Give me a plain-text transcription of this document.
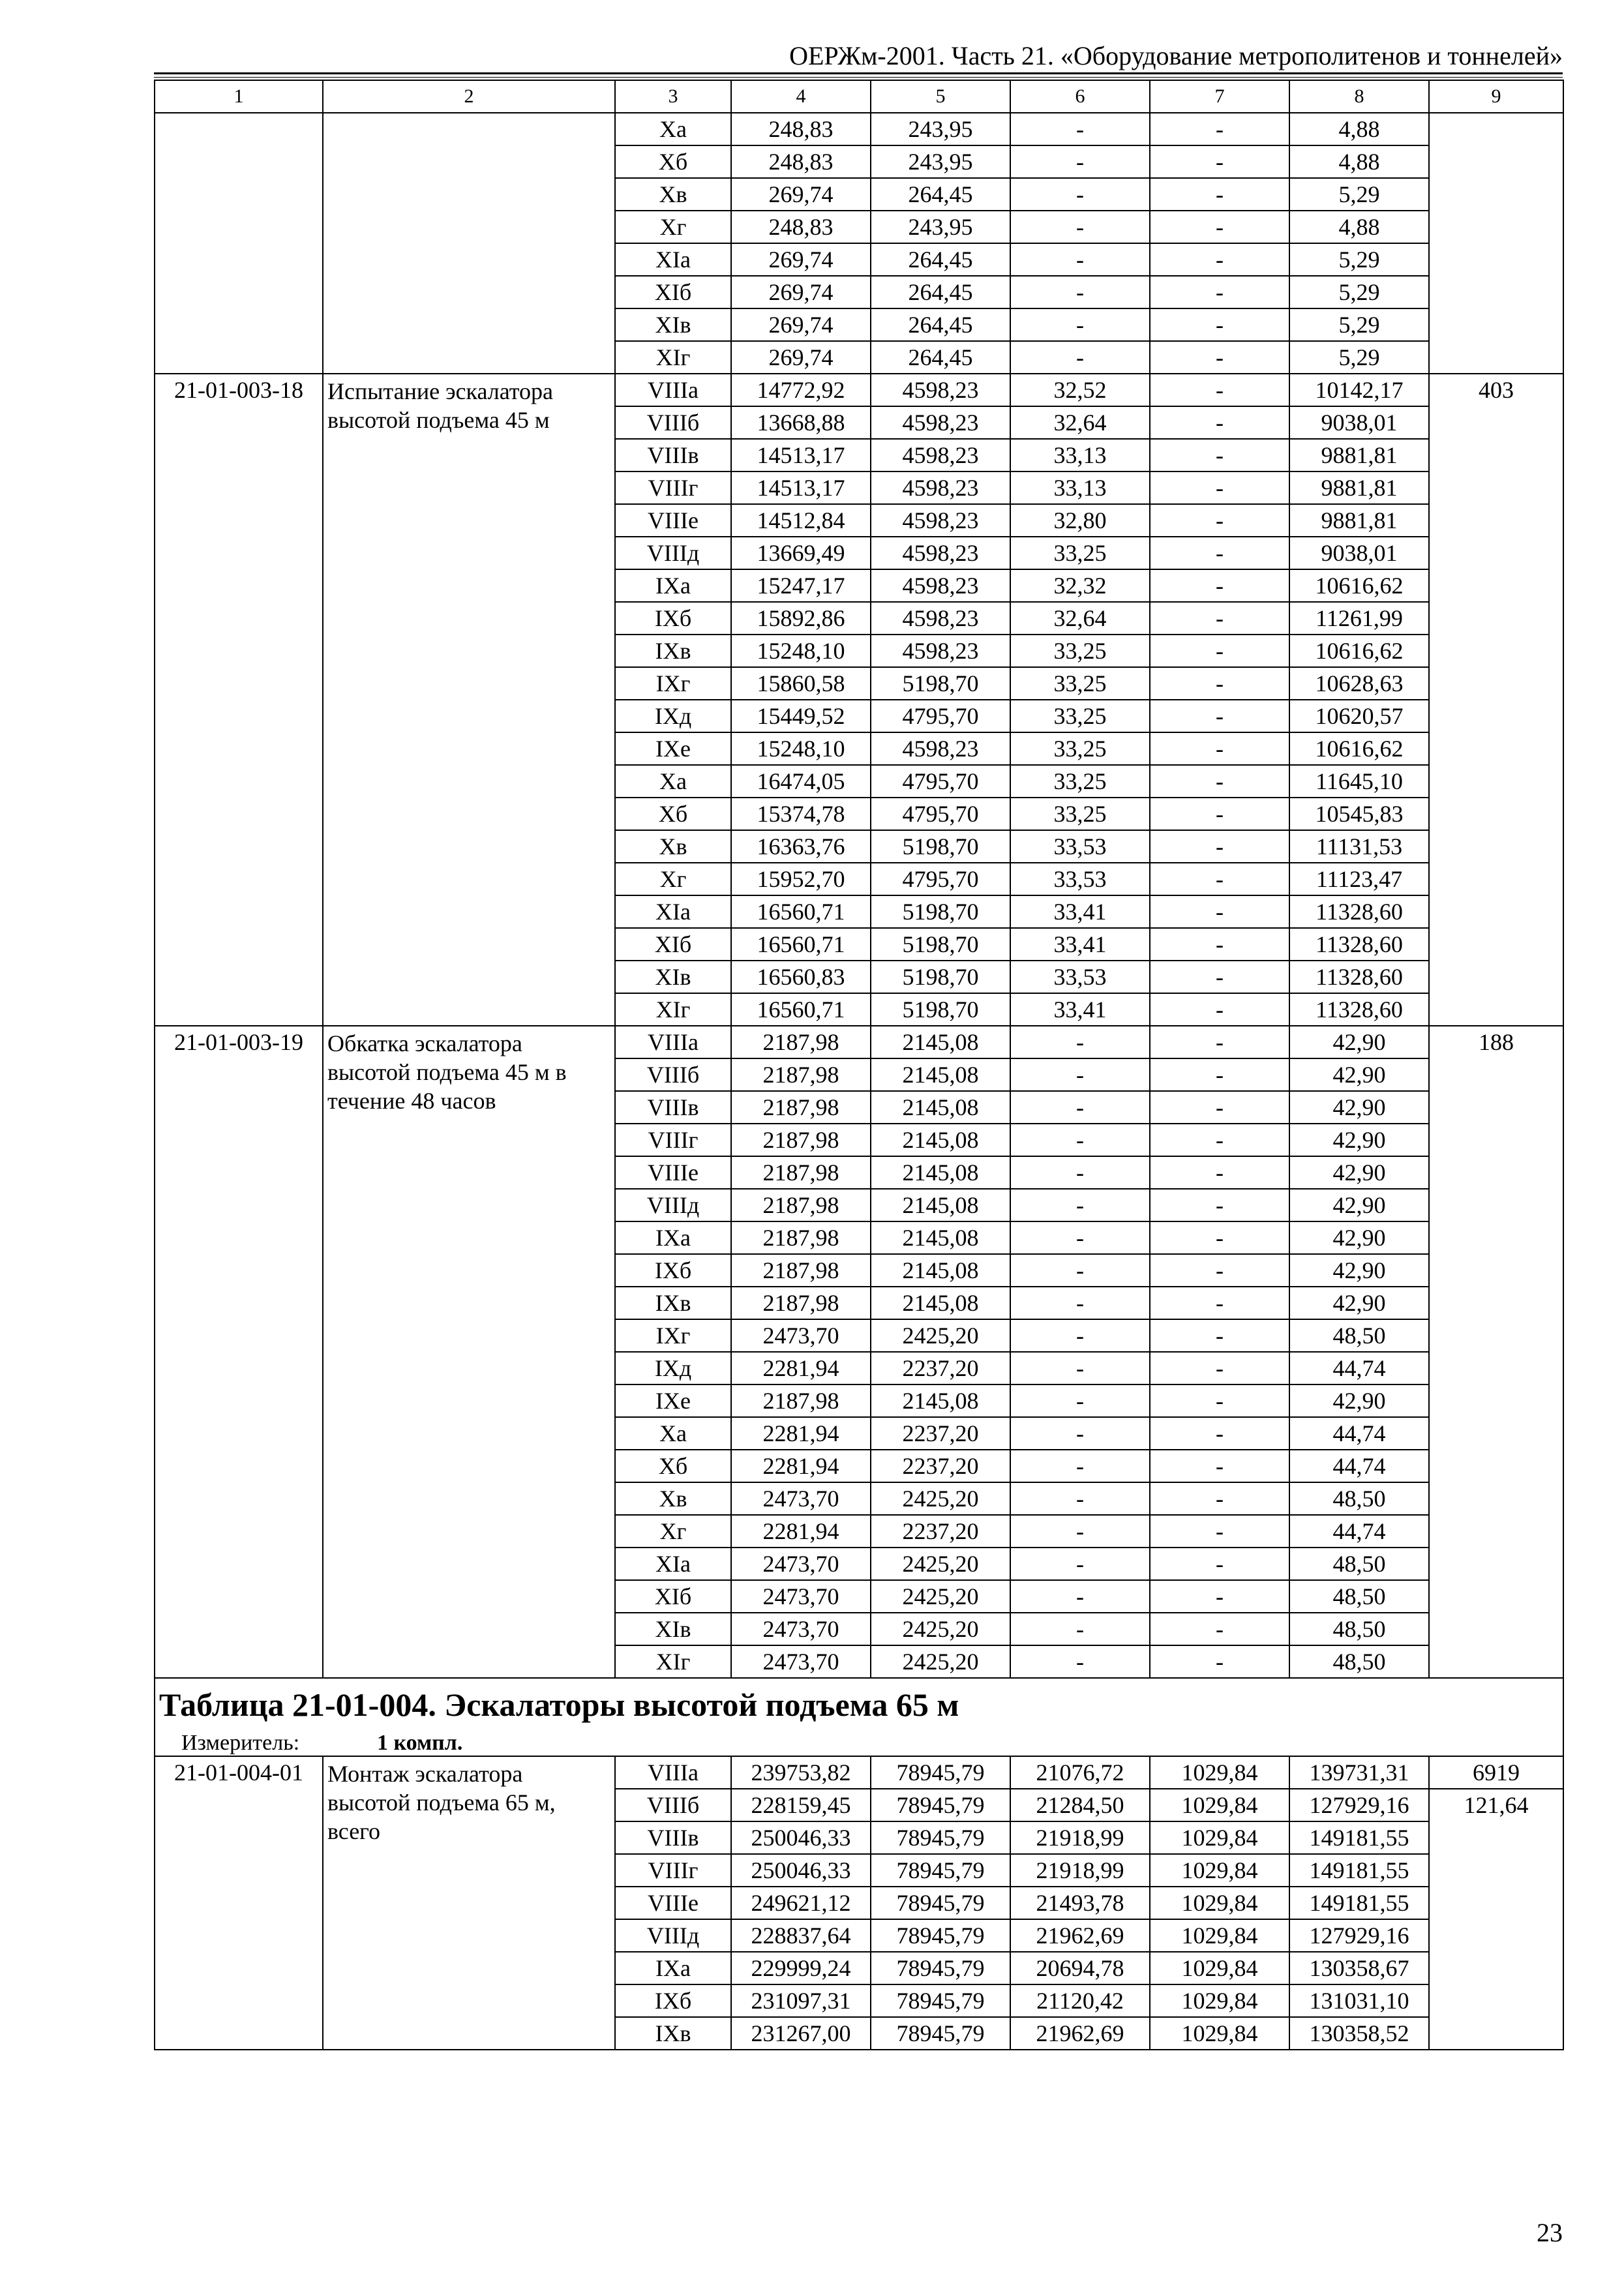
ОЕРЖм-2001. Часть 21. «Оборудование метрополитенов и тоннелей»
1	2	3	4	5	6	7	8	9
		Xа	248,83	243,95	-	-	4,88	
		Xб	248,83	243,95	-	-	4,88	
		Xв	269,74	264,45	-	-	5,29	
		Xг	248,83	243,95	-	-	4,88	
		XIа	269,74	264,45	-	-	5,29	
		XIб	269,74	264,45	-	-	5,29	
		XIв	269,74	264,45	-	-	5,29	
		XIг	269,74	264,45	-	-	5,29	
21-01-003-18	Испытание эскалатора высотой подъема 45 м	VIIIа	14772,92	4598,23	32,52	-	10142,17	403
		VIIIб	13668,88	4598,23	32,64	-	9038,01	
		VIIIв	14513,17	4598,23	33,13	-	9881,81	
		VIIIг	14513,17	4598,23	33,13	-	9881,81	
		VIIIе	14512,84	4598,23	32,80	-	9881,81	
		VIIIд	13669,49	4598,23	33,25	-	9038,01	
		IXа	15247,17	4598,23	32,32	-	10616,62	
		IXб	15892,86	4598,23	32,64	-	11261,99	
		IXв	15248,10	4598,23	33,25	-	10616,62	
		IXг	15860,58	5198,70	33,25	-	10628,63	
		IXд	15449,52	4795,70	33,25	-	10620,57	
		IXе	15248,10	4598,23	33,25	-	10616,62	
		Xа	16474,05	4795,70	33,25	-	11645,10	
		Xб	15374,78	4795,70	33,25	-	10545,83	
		Xв	16363,76	5198,70	33,53	-	11131,53	
		Xг	15952,70	4795,70	33,53	-	11123,47	
		XIа	16560,71	5198,70	33,41	-	11328,60	
		XIб	16560,71	5198,70	33,41	-	11328,60	
		XIв	16560,83	5198,70	33,53	-	11328,60	
		XIг	16560,71	5198,70	33,41	-	11328,60	
21-01-003-19	Обкатка эскалатора высотой подъема 45 м в течение 48 часов	VIIIа	2187,98	2145,08	-	-	42,90	188
		VIIIб	2187,98	2145,08	-	-	42,90	
		VIIIв	2187,98	2145,08	-	-	42,90	
		VIIIг	2187,98	2145,08	-	-	42,90	
		VIIIе	2187,98	2145,08	-	-	42,90	
		VIIIд	2187,98	2145,08	-	-	42,90	
		IXа	2187,98	2145,08	-	-	42,90	
		IXб	2187,98	2145,08	-	-	42,90	
		IXв	2187,98	2145,08	-	-	42,90	
		IXг	2473,70	2425,20	-	-	48,50	
		IXд	2281,94	2237,20	-	-	44,74	
		IXе	2187,98	2145,08	-	-	42,90	
		Xа	2281,94	2237,20	-	-	44,74	
		Xб	2281,94	2237,20	-	-	44,74	
		Xв	2473,70	2425,20	-	-	48,50	
		Xг	2281,94	2237,20	-	-	44,74	
		XIа	2473,70	2425,20	-	-	48,50	
		XIб	2473,70	2425,20	-	-	48,50	
		XIв	2473,70	2425,20	-	-	48,50	
		XIг	2473,70	2425,20	-	-	48,50	

Таблица 21-01-004. Эскалаторы высотой подъема 65 м								

Измеритель: 1 компл.								
21-01-004-01	Монтаж эскалатора высотой подъема 65 м, всего	VIIIа	239753,82	78945,79	21076,72	1029,84	139731,31	6919
		VIIIб	228159,45	78945,79	21284,50	1029,84	127929,16	121,64
		VIIIв	250046,33	78945,79	21918,99	1029,84	149181,55	
		VIIIг	250046,33	78945,79	21918,99	1029,84	149181,55	
		VIIIе	249621,12	78945,79	21493,78	1029,84	149181,55	
		VIIIд	228837,64	78945,79	21962,69	1029,84	127929,16	
		IXа	229999,24	78945,79	20694,78	1029,84	130358,67	
		IXб	231097,31	78945,79	21120,42	1029,84	131031,10	
		IXв	231267,00	78945,79	21962,69	1029,84	130358,52	
23
